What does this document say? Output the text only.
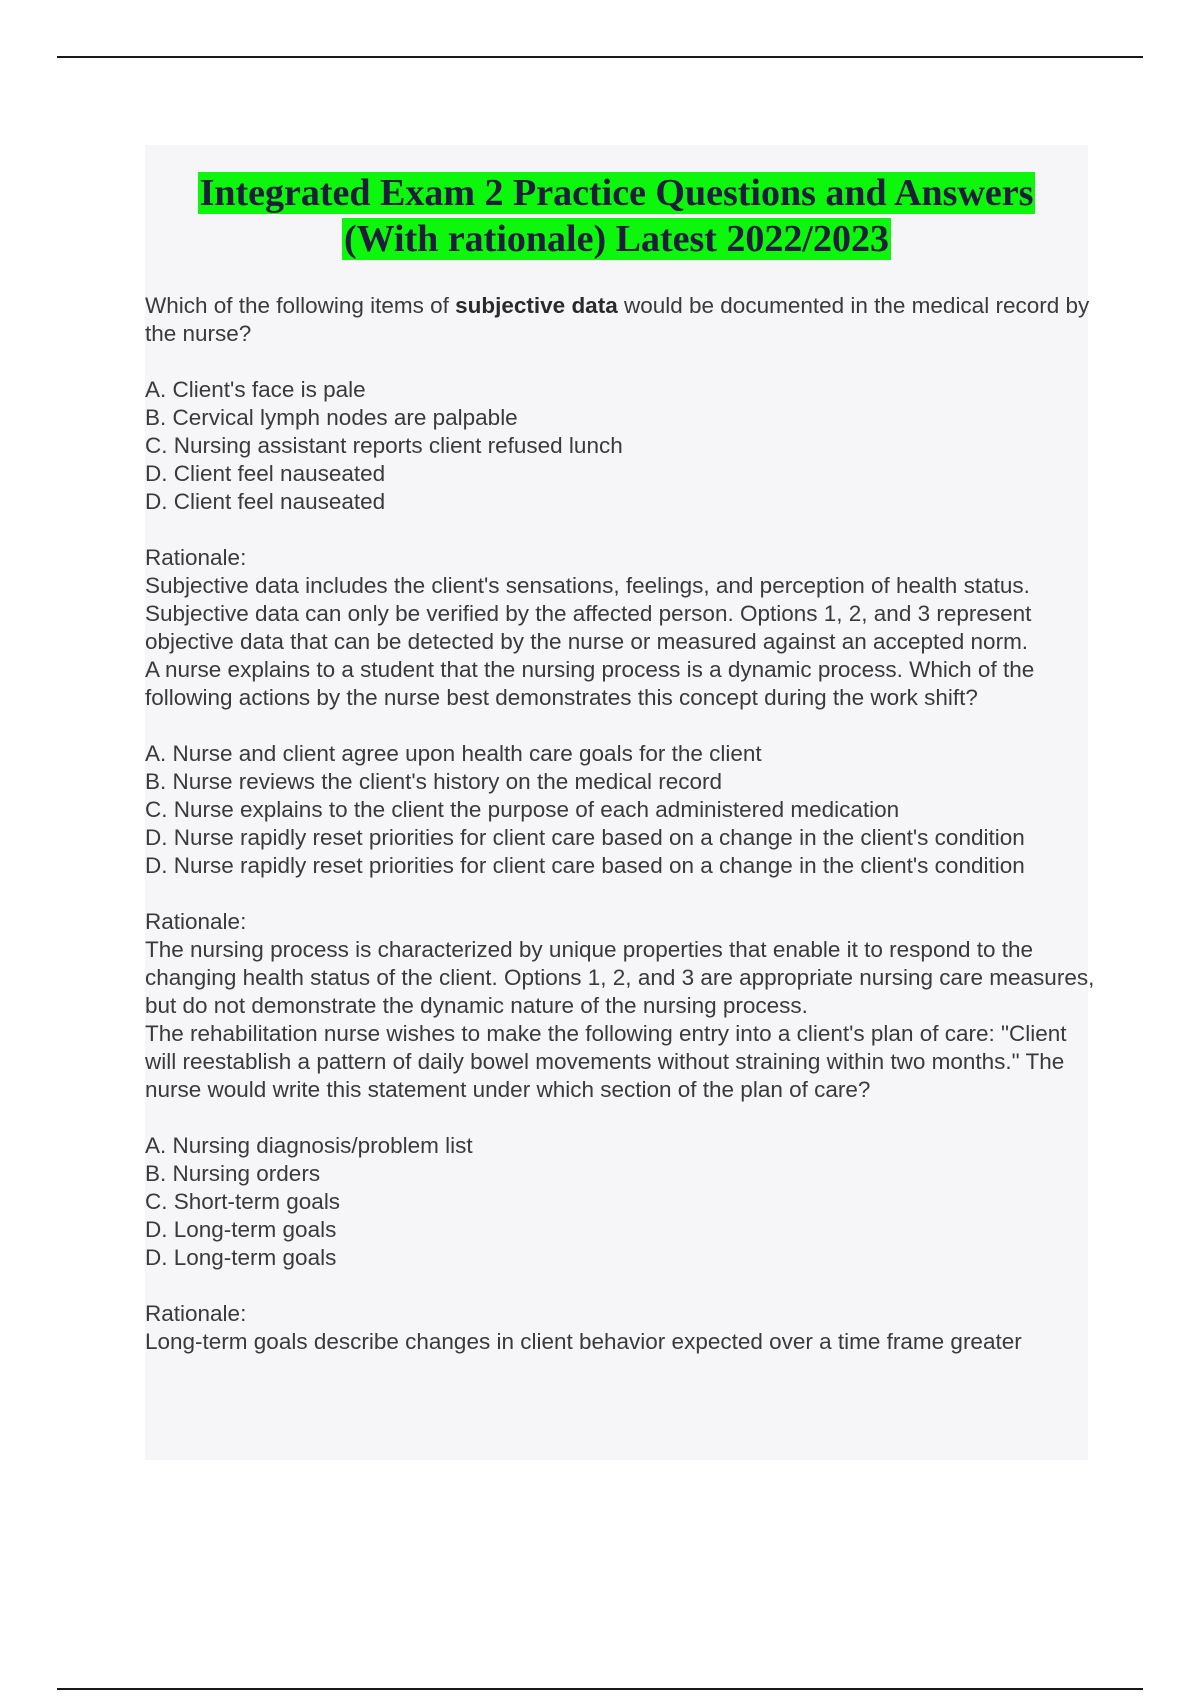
Integrated Exam 2 Practice Questions and Answers
(With rationale) Latest 2022/2023

Which of the following items of subjective data would be documented in the medical record by the nurse?

A. Client's face is pale

B. Cervical lymph nodes are palpable

C. Nursing assistant reports client refused lunch

D. Client feel nauseated

D. Client feel nauseated

Rationale:

Subjective data includes the client's sensations, feelings, and perception of health status. Subjective data can only be verified by the affected person. Options 1, 2, and 3 represent objective data that can be detected by the nurse or measured against an accepted norm.

A nurse explains to a student that the nursing process is a dynamic process. Which of the following actions by the nurse best demonstrates this concept during the work shift?

A. Nurse and client agree upon health care goals for the client

B. Nurse reviews the client's history on the medical record

C. Nurse explains to the client the purpose of each administered medication

D. Nurse rapidly reset priorities for client care based on a change in the client's condition

D. Nurse rapidly reset priorities for client care based on a change in the client's condition

Rationale:

The nursing process is characterized by unique properties that enable it to respond to the changing health status of the client. Options 1, 2, and 3 are appropriate nursing care measures, but do not demonstrate the dynamic nature of the nursing process.

The rehabilitation nurse wishes to make the following entry into a client's plan of care: "Client will reestablish a pattern of daily bowel movements without straining within two months." The nurse would write this statement under which section of the plan of care?

A. Nursing diagnosis/problem list

B. Nursing orders

C. Short-term goals

D. Long-term goals

D. Long-term goals

Rationale:

Long-term goals describe changes in client behavior expected over a time frame greater
